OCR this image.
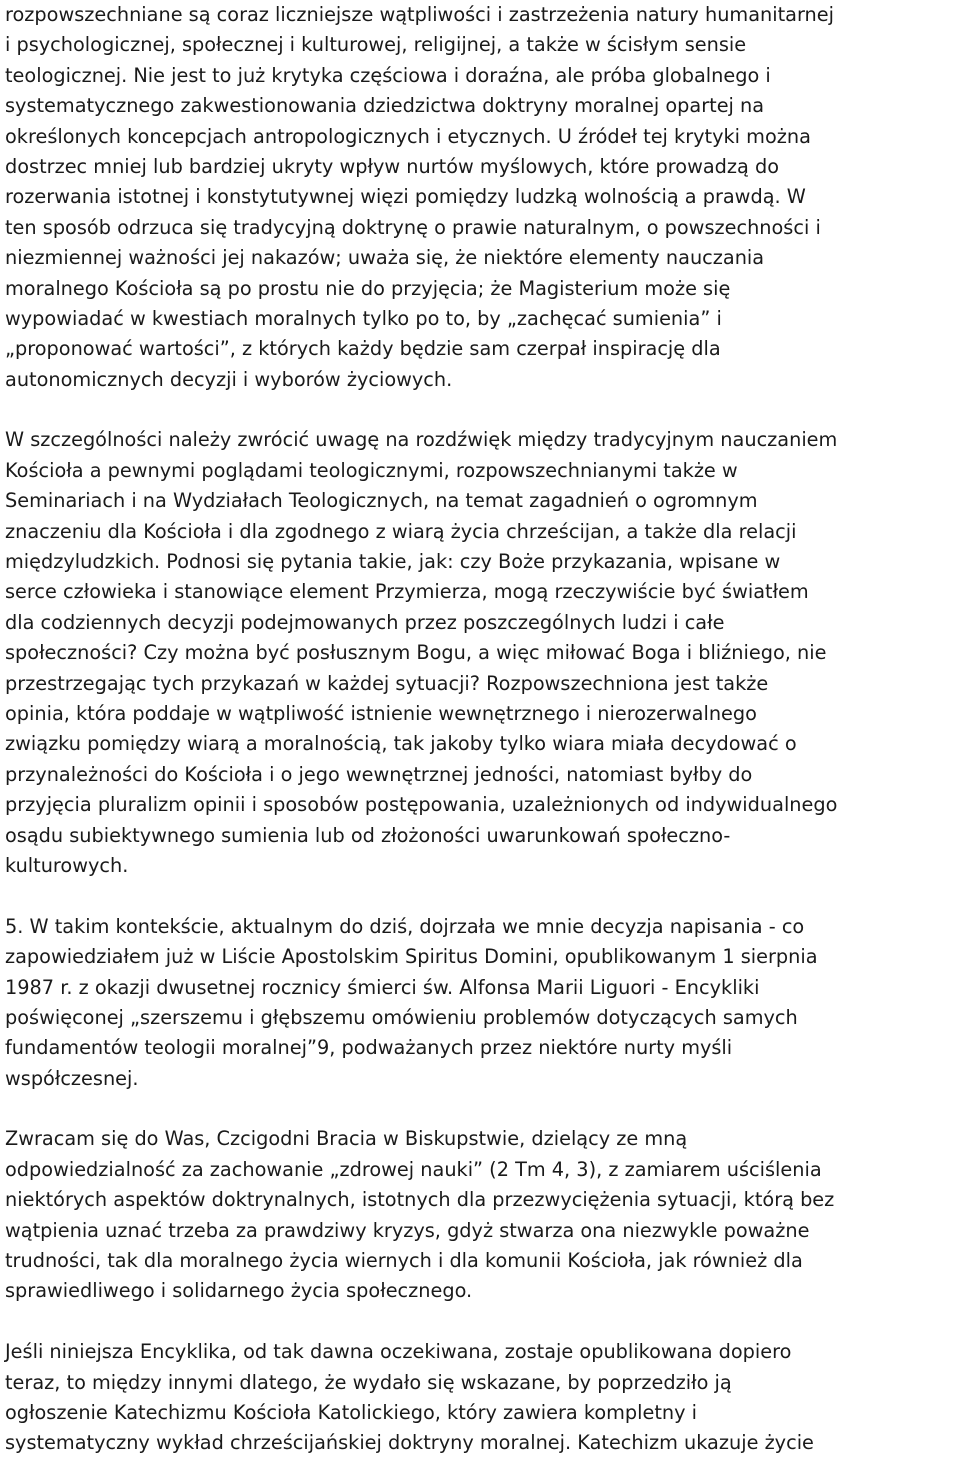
rozpowszechniane są coraz liczniejsze wątpliwości i zastrzeżenia natury humanitarnej
i psychologicznej, społecznej i kulturowej, religijnej, a także w ścisłym sensie
teologicznej. Nie jest to już krytyka częściowa i doraźna, ale próba globalnego i
systematycznego zakwestionowania dziedzictwa doktryny moralnej opartej na
określonych koncepcjach antropologicznych i etycznych. U źródeł tej krytyki można
dostrzec mniej lub bardziej ukryty wpływ nurtów myślowych, które prowadzą do
rozerwania istotnej i konstytutywnej więzi pomiędzy ludzką wolnością a prawdą. W
ten sposób odrzuca się tradycyjną doktrynę o prawie naturalnym, o powszechności i
niezmiennej ważności jej nakazów; uważa się, że niektóre elementy nauczania
moralnego Kościoła są po prostu nie do przyjęcia; że Magisterium może się
wypowiadać w kwestiach moralnych tylko po to, by „zachęcać sumienia” i
„proponować wartości”, z których każdy będzie sam czerpał inspirację dla
autonomicznych decyzji i wyborów życiowych.
W szczególności należy zwrócić uwagę na rozdźwięk między tradycyjnym nauczaniem
Kościoła a pewnymi poglądami teologicznymi, rozpowszechnianymi także w
Seminariach i na Wydziałach Teologicznych, na temat zagadnień o ogromnym
znaczeniu dla Kościoła i dla zgodnego z wiarą życia chrześcijan, a także dla relacji
międzyludzkich. Podnosi się pytania takie, jak: czy Boże przykazania, wpisane w
serce człowieka i stanowiące element Przymierza, mogą rzeczywiście być światłem
dla codziennych decyzji podejmowanych przez poszczególnych ludzi i całe
społeczności? Czy można być posłusznym Bogu, a więc miłować Boga i bliźniego, nie
przestrzegając tych przykazań w każdej sytuacji? Rozpowszechniona jest także
opinia, która poddaje w wątpliwość istnienie wewnętrznego i nierozerwalnego
związku pomiędzy wiarą a moralnością, tak jakoby tylko wiara miała decydować o
przynależności do Kościoła i o jego wewnętrznej jedności, natomiast byłby do
przyjęcia pluralizm opinii i sposobów postępowania, uzależnionych od indywidualnego
osądu subiektywnego sumienia lub od złożoności uwarunkowań społeczno-
kulturowych.
5. W takim kontekście, aktualnym do dziś, dojrzała we mnie decyzja napisania - co
zapowiedziałem już w Liście Apostolskim Spiritus Domini, opublikowanym 1 sierpnia
1987 r. z okazji dwusetnej rocznicy śmierci św. Alfonsa Marii Liguori - Encykliki
poświęconej „szerszemu i głębszemu omówieniu problemów dotyczących samych
fundamentów teologii moralnej”9, podważanych przez niektóre nurty myśli
współczesnej.
Zwracam się do Was, Czcigodni Bracia w Biskupstwie, dzielący ze mną
odpowiedzialność za zachowanie „zdrowej nauki” (2 Tm 4, 3), z zamiarem uściślenia
niektórych aspektów doktrynalnych, istotnych dla przezwyciężenia sytuacji, którą bez
wątpienia uznać trzeba za prawdziwy kryzys, gdyż stwarza ona niezwykle poważne
trudności, tak dla moralnego życia wiernych i dla komunii Kościoła, jak również dla
sprawiedliwego i solidarnego życia społecznego.
Jeśli niniejsza Encyklika, od tak dawna oczekiwana, zostaje opublikowana dopiero
teraz, to między innymi dlatego, że wydało się wskazane, by poprzedziło ją
ogłoszenie Katechizmu Kościoła Katolickiego, który zawiera kompletny i
systematyczny wykład chrześcijańskiej doktryny moralnej. Katechizm ukazuje życie
